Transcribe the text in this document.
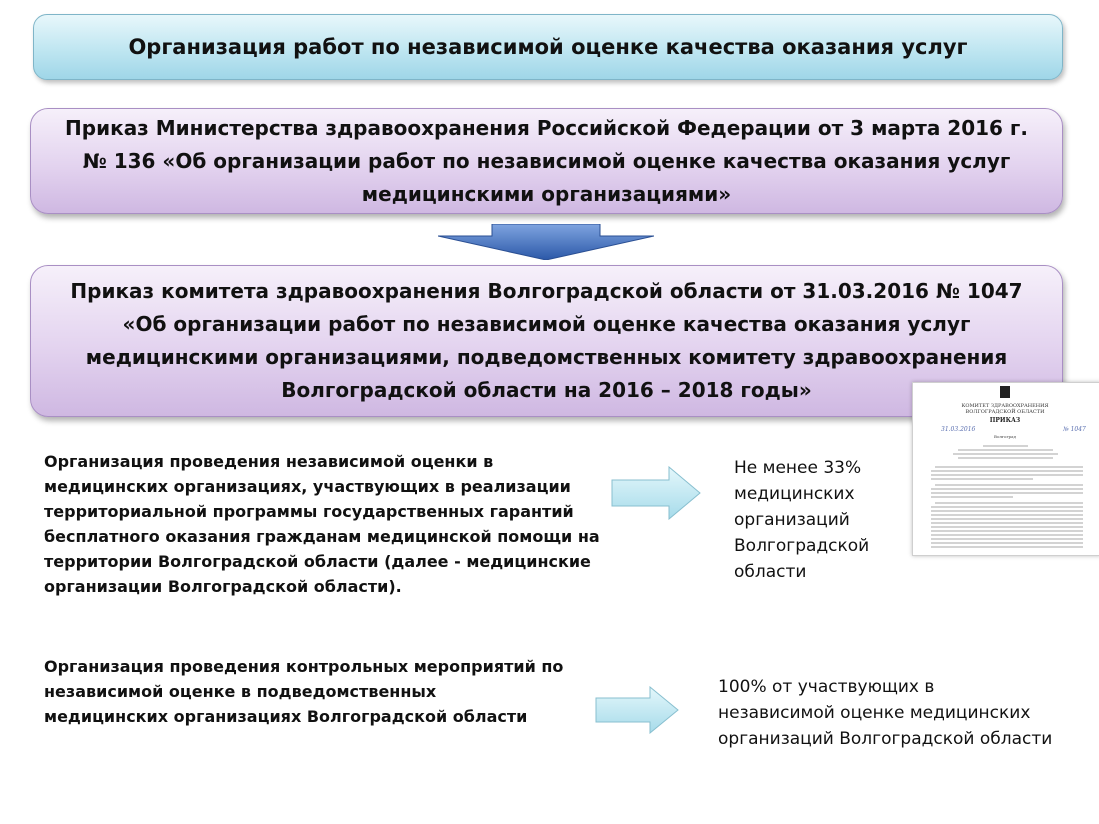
Организация работ по независимой оценке качества оказания услуг
Приказ Министерства здравоохранения Российской Федерации от 3 марта 2016 г.
№ 136 «Об организации работ по независимой оценке качества оказания услуг
медицинскими организациями»
Приказ комитета здравоохранения Волгоградской области от 31.03.2016 № 1047
«Об организации работ по независимой оценке качества оказания услуг
медицинскими организациями, подведомственных комитету здравоохранения
Волгоградской области на 2016 – 2018 годы»
КОМИТЕТ ЗДРАВООХРАНЕНИЯ
ВОЛГОГРАДСКОЙ ОБЛАСТИ
ПРИКАЗ
31.03.2016	№ 1047
Волгоград
Организация проведения независимой оценки в
медицинских организациях, участвующих в реализации
территориальной программы государственных гарантий
бесплатного оказания гражданам медицинской помощи на
территории Волгоградской области (далее - медицинские
организации Волгоградской области).
Не менее 33%
медицинских
организаций
Волгоградской
области
Организация проведения контрольных мероприятий по
независимой оценке в подведомственных
медицинских организациях Волгоградской области
100% от участвующих в
независимой оценке медицинских
организаций Волгоградской области
